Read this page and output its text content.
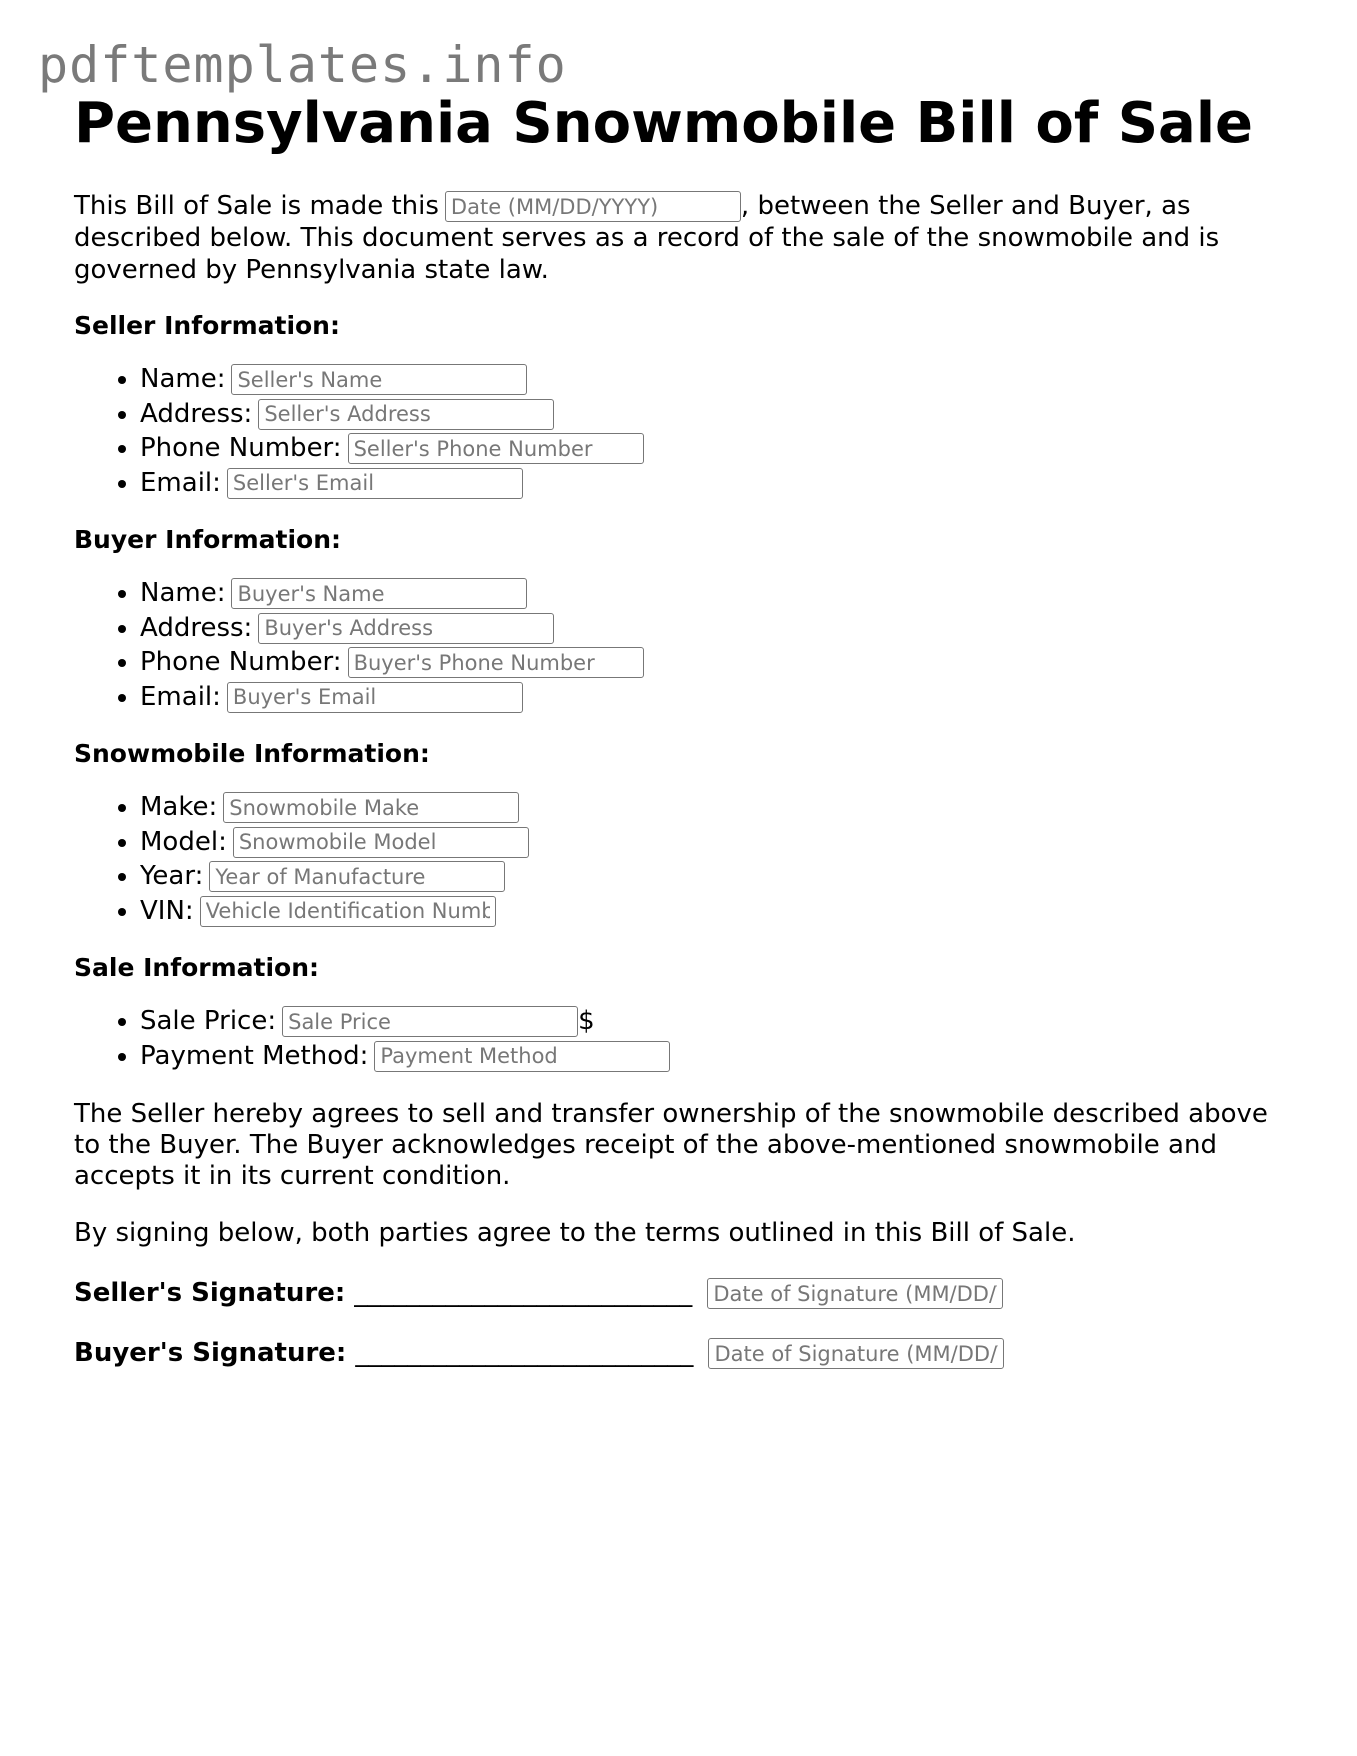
pdftemplates.info
Pennsylvania Snowmobile Bill of Sale

This Bill of Sale is made thisDate (MM/DD/YYYY)	, between the Seller and Buyer, as described below. This document serves as a record of the sale of the snowmobile and is governed by Pennsylvania state law.

Seller Information:
• Name:Seller's Name
• Address:Seller's Address
• Phone Number:Seller's Phone Number
• Email:Seller's Email
Buyer Information:
• Name:Buyer's Name
• Address:Buyer's Address
• Phone Number:Buyer's Phone Number
• Email:Buyer's Email
Snowmobile Information:
• Make:Snowmobile Make
• Model:Snowmobile Model
• Year:Year of Manufacture
• VIN:Vehicle Identification Number
Sale Information:
• Sale Price:Sale Price	$
• Payment Method:Payment Method

The Seller hereby agrees to sell and transfer ownership of the snowmobile described above to the Buyer. The Buyer acknowledges receipt of the above-mentioned snowmobile and accepts it in its current condition.

By signing below, both parties agree to the terms outlined in this Bill of Sale.

Seller's Signature: __________________________ Date of Signature (MM/DD/YYYY)
Buyer's Signature: __________________________ Date of Signature (MM/DD/YYYY)
